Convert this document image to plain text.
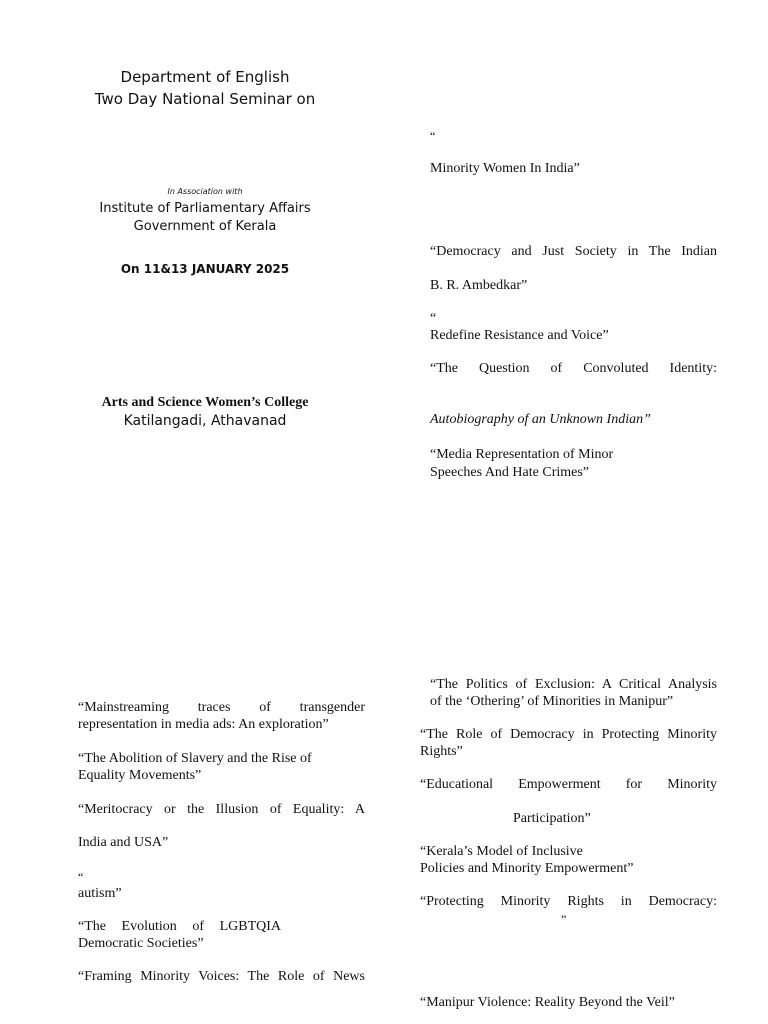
Department of English
Two Day National Seminar on
In Association with
Institute of Parliamentary Affairs
Government of Kerala
On 11&13 JANUARY 2025
Arts and Science Women’s College
Katilangadi, Athavanad
“
Minority Women In India”
“Democracy and Just Society in The Indian
B. R. Ambedkar”
“
Redefine Resistance and Voice”
“The Question of Convoluted Identity:
Autobiography of an Unknown Indian”
“Media Representation of Minor
Speeches And Hate Crimes”
“Mainstreaming traces of transgender
representation in media ads: An exploration”
“The Abolition of Slavery and the Rise of
Equality Movements”
“Meritocracy or the Illusion of Equality: A
India and USA”
“
autism”
“The Evolution of LGBTQIA
Democratic Societies”
“Framing Minority Voices: The Role of News
“The Politics of Exclusion: A Critical Analysis
of the ‘Othering’ of Minorities in Manipur”
“The Role of Democracy in Protecting Minority
Rights”
“Educational Empowerment for Minority
Participation”
“Kerala’s Model of Inclusive
Policies and Minority Empowerment”
“Protecting Minority Rights in Democracy:
”
“Manipur Violence: Reality Beyond the Veil”
